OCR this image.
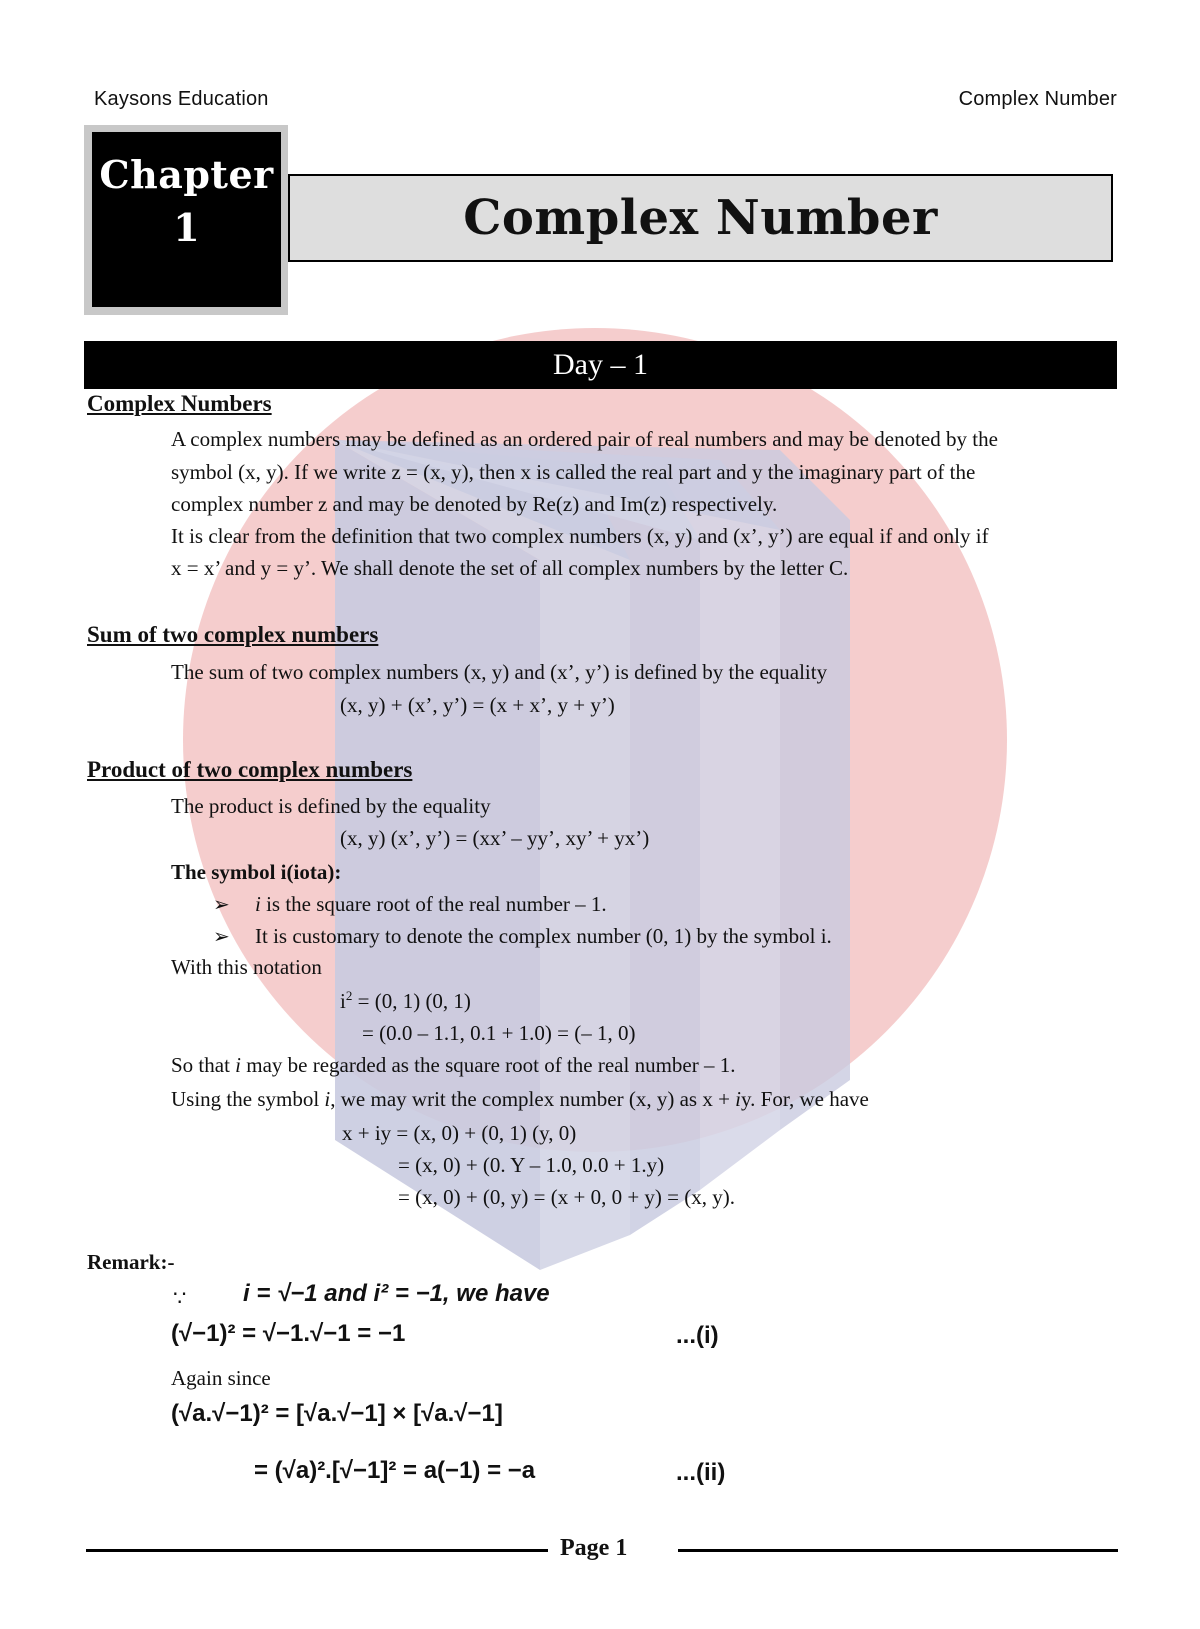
Kaysons Education	Complex Number
Chapter
1	Complex Number
Day – 1
Complex Numbers
A complex numbers may be defined as an ordered pair of real numbers and may be denoted by the
symbol (x, y). If we write z = (x, y), then x is called the real part and y the imaginary part of the
complex number z and may be denoted by Re(z) and Im(z) respectively.
It is clear from the definition that two complex numbers (x, y) and (x’, y’) are equal if and only if
x = x’ and y = y’. We shall denote the set of all complex numbers by the letter C.
Sum of two complex numbers
The sum of two complex numbers (x, y) and (x’, y’) is defined by the equality
(x, y) + (x’, y’) = (x + x’, y + y’)
Product of two complex numbers
The product is defined by the equality
(x, y) (x’, y’) = (xx’ – yy’, xy’ + yx’)
The symbol i(iota):
➢ i is the square root of the real number – 1.
➢ It is customary to denote the complex number (0, 1) by the symbol i.
With this notation
$i^2 = (0$, 1) (0, 1)
= (0.0 – 1.1, 0.1 + 1.0) = (– 1, 0)
So that i may be regarded as the square root of the real number – 1.
Using the symbol i, we may writ the complex number (x, y) as x + iy. For, we have
x + iy = (x, 0) + (0, 1) (y, 0)
= (x, 0) + (0. Y – 1.0, 0.0 + 1.y)
= (x, 0) + (0, y) = (x + 0, 0 + y) = (x, y).
Remark:-
∵ i = √−1 and i² = −1, we have
(√−1)² = √−1.√−1 = −1	...(i)
Again since
(√a.√−1)² = [√a.√−1] × [√a.√−1]
= (√a)².[√−1]² = a(−1) = −a	...(ii)
Page 1
